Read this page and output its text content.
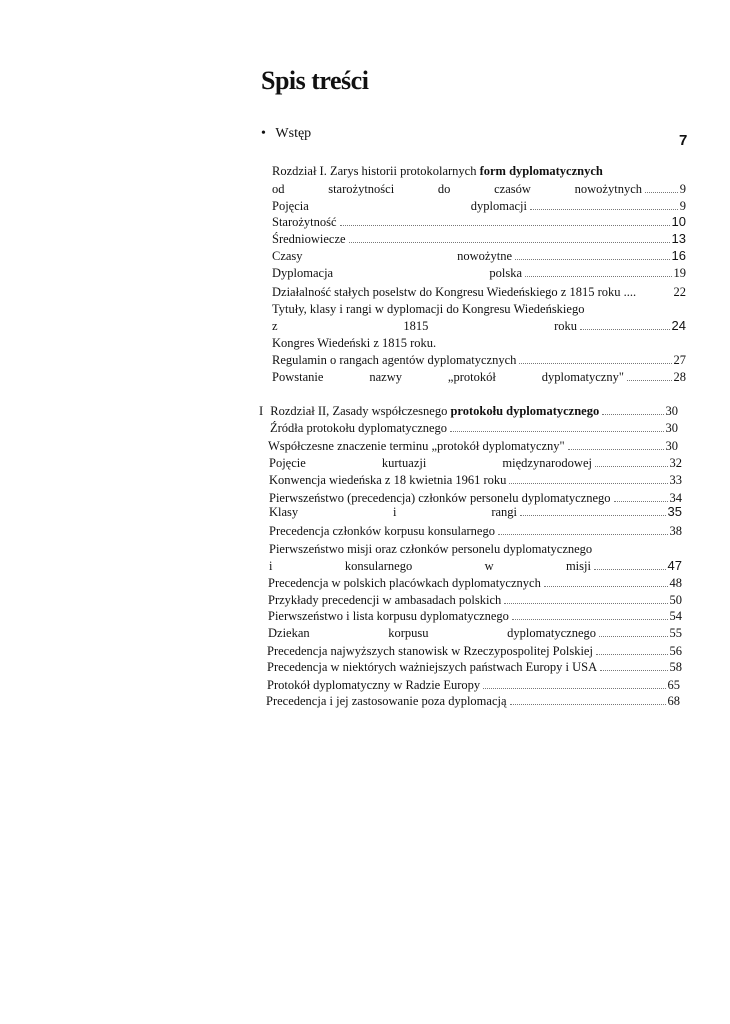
Spis treści
• Wstęp	7
Rozdział I. Zarys historii protokolarnych form dyplomatycznych
od	starożytności	do	czasów	nowożytnych	9
Pojęcia	dyplomacji	9
Starożytność	10
Średniowiecze	13
Czasy	nowożytne	16
Dyplomacja	polska	19
Działalność stałych poselstw do Kongresu Wiedeńskiego z 1815 roku ....	22
Tytuły, klasy i rangi w dyplomacji do Kongresu Wiedeńskiego
z	1815	roku	24
Kongres Wiedeński z 1815 roku.
Regulamin o rangach agentów dyplomatycznych	27
Powstanie	nazwy	„protokół	dyplomatyczny"	28
I Rozdział II, Zasady współczesnego protokołu dyplomatycznego	30
Źródła protokołu dyplomatycznego	30
Współczesne znaczenie terminu „protokół dyplomatyczny"	30
Pojęcie	kurtuazji	międzynarodowej	32
Konwencja wiedeńska z 18 kwietnia 1961 roku	33
Pierwszeństwo (precedencja) członków personelu dyplomatycznego	34
Klasy	i	rangi	35
Precedencja członków korpusu konsularnego	38
Pierwszeństwo misji oraz członków personelu dyplomatycznego
i	konsularnego	w	misji	47
Precedencja w polskich placówkach dyplomatycznych	48
Przykłady precedencji w ambasadach polskich	50
Pierwszeństwo i lista korpusu dyplomatycznego	54
Dziekan	korpusu	dyplomatycznego	55
Precedencja najwyższych stanowisk w Rzeczypospolitej Polskiej	56
Precedencja w niektórych ważniejszych państwach Europy i USA	58
Protokół dyplomatyczny w Radzie Europy	65
Precedencja i jej zastosowanie poza dyplomacją	68
